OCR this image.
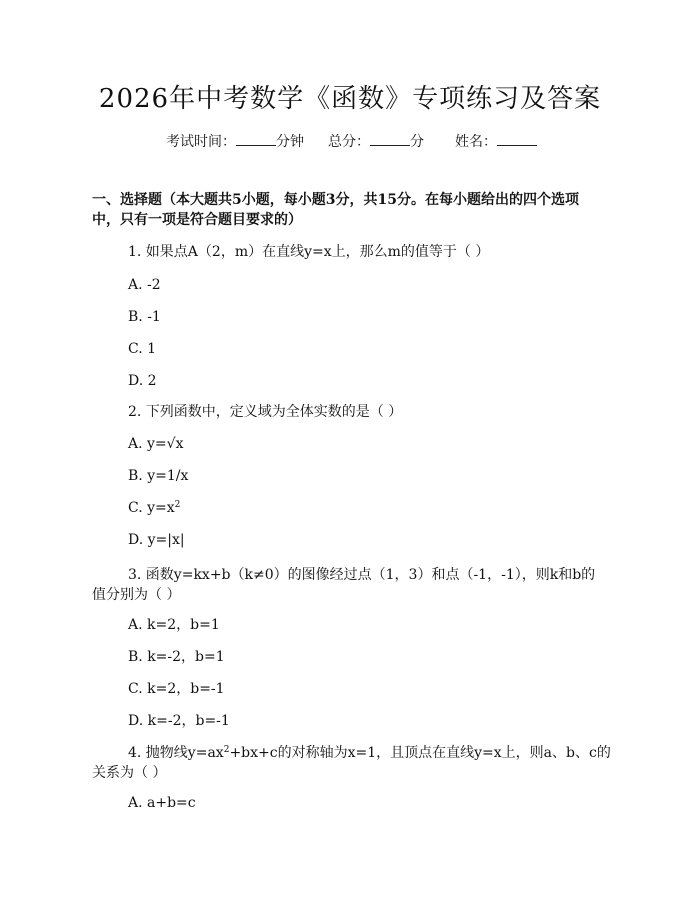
2026年中考数学《函数》专项练习及答案
考试时间：	分钟 总分：	分 姓名：
一、选择题（本大题共5小题，每小题3分，共15分。在每小题给出的四个选项
中，只有一项是符合题目要求的）
1. 如果点A（2，m）在直线y=x上，那么m的值等于（ ）
A. -2
B. -1
C. 1
D. 2
2. 下列函数中，定义域为全体实数的是（ ）
A. y=√x
B. y=1/x
C. $y=x^2$
D. y=|x|
3. 函数y=kx+b（k≠0）的图像经过点（1，3）和点（-1，-1），则k和b的
值分别为（ ）
A. k=2，b=1
B. k=-2，b=1
C. k=2，b=-1
D. k=-2，b=-1
4. 抛物线$y=ax^2+bx+c$的对称轴为x=1，且顶点在直线y=x上，则a、b、c的
关系为（ ）
A. a+b=c
